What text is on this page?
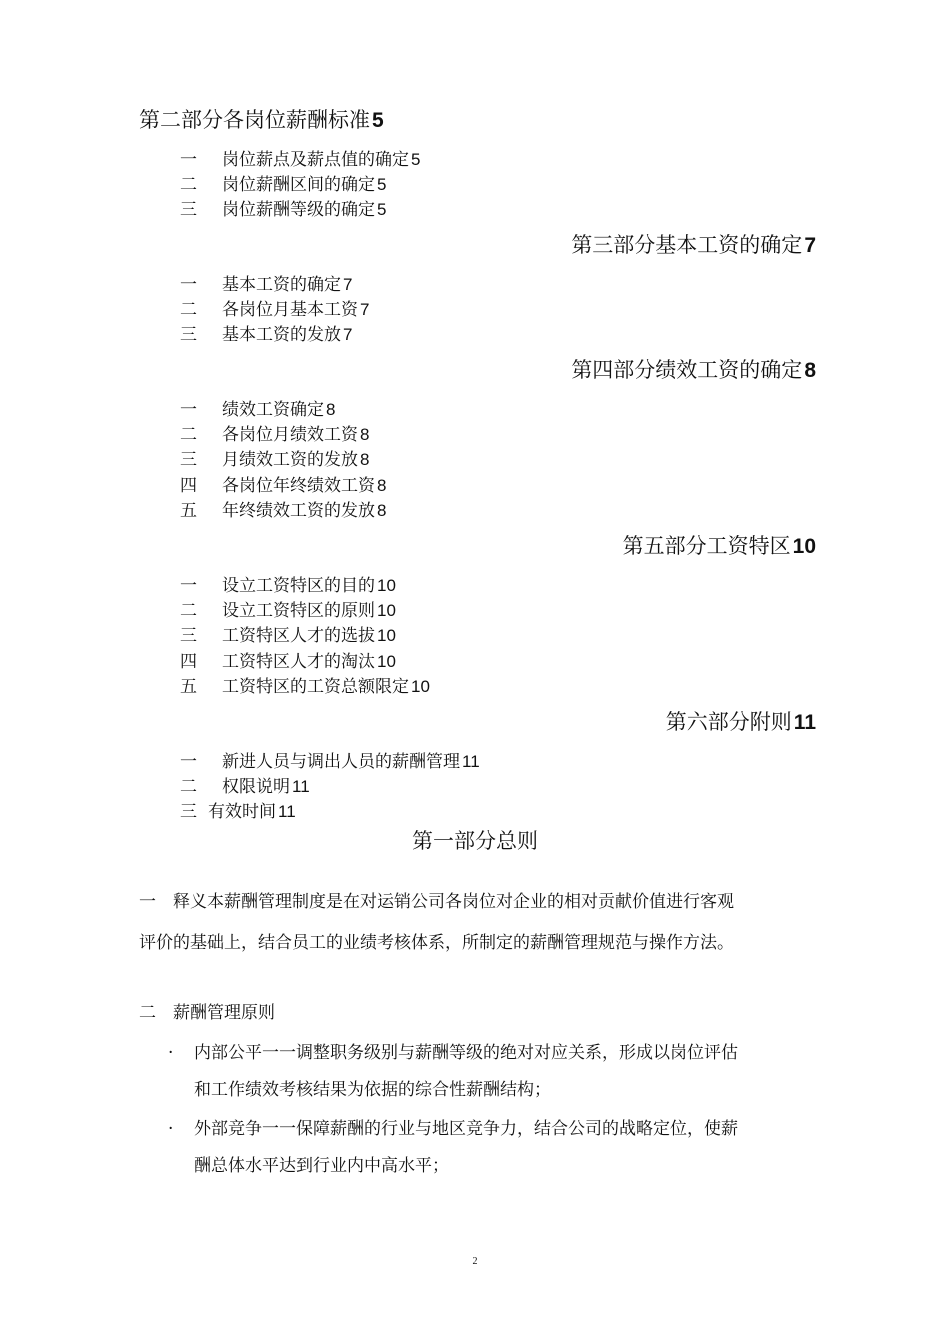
第二部分各岗位薪酬标准5
一 岗位薪点及薪点值的确定 5
二 岗位薪酬区间的确定 5
三 岗位薪酬等级的确定 5
第三部分基本工资的确定7
一 基本工资的确定 7
二 各岗位月基本工资 7
三 基本工资的发放 7
第四部分绩效工资的确定8
一 绩效工资确定 8
二 各岗位月绩效工资 8
三 月绩效工资的发放 8
四 各岗位年终绩效工资 8
五 年终绩效工资的发放 8
第五部分工资特区10
一 设立工资特区的目的 10
二 设立工资特区的原则 10
三 工资特区人才的选拔 10
四 工资特区人才的淘汰 10
五 工资特区的工资总额限定 10
第六部分附则11
一 新进人员与调出人员的薪酬管理 11
二 权限说明 11
三 有效时间 11
第一部分总则
一 释义本薪酬管理制度是在对运销公司各岗位对企业的相对贡献价值进行客观
评价的基础上，结合员工的业绩考核体系，所制定的薪酬管理规范与操作方法。
二 薪酬管理原则
· 内部公平一一调整职务级别与薪酬等级的绝对对应关系，形成以岗位评估
和工作绩效考核结果为依据的综合性薪酬结构；
· 外部竞争一一保障薪酬的行业与地区竞争力，结合公司的战略定位，使薪
酬总体水平达到行业内中高水平；
2
